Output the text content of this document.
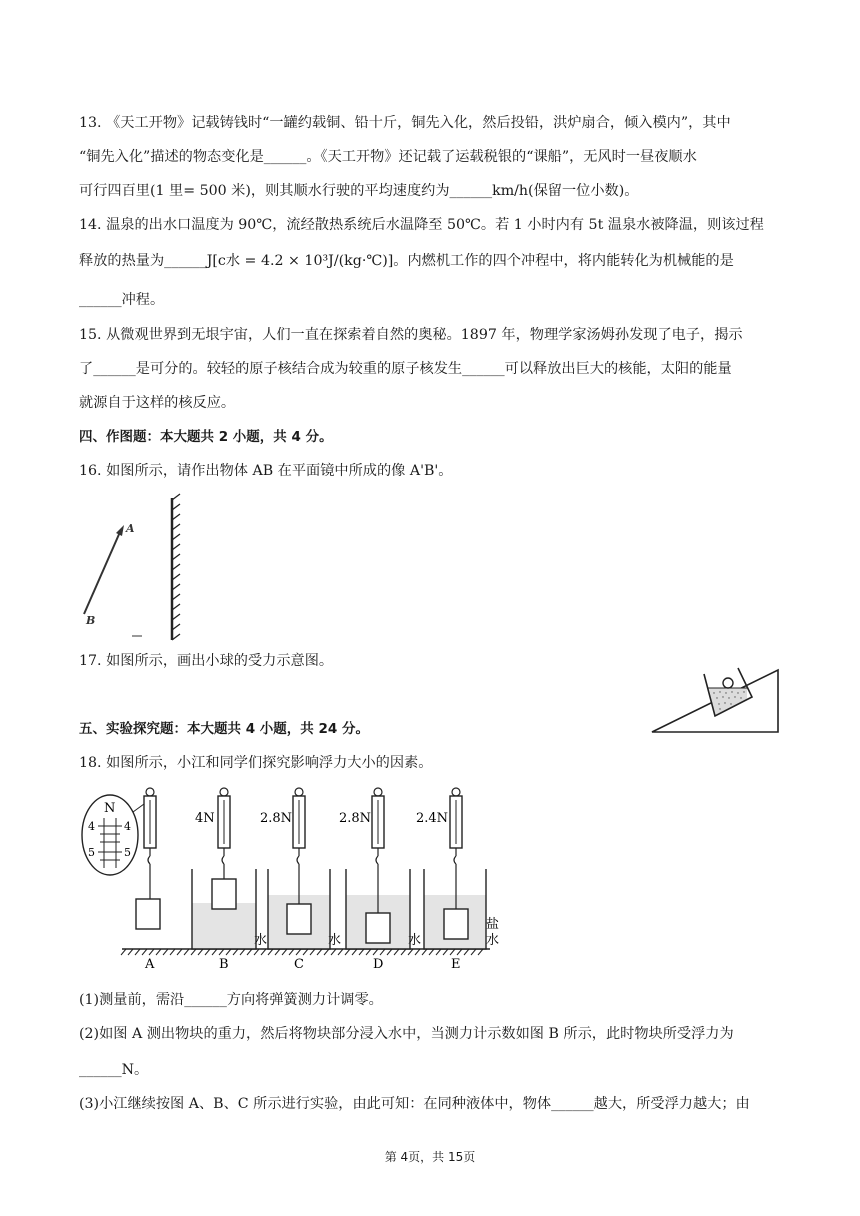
13. 《天工开物》记载铸钱时“一罐约载铜、铅十斤，铜先入化，然后投铅，洪炉扇合，倾入模内”，其中
“铜先入化”描述的物态变化是______。《天工开物》还记载了运载税银的“课船”，无风时一昼夜顺水
可行四百里(1 里= 500 米)，则其顺水行驶的平均速度约为______km/h(保留一位小数)。
14. 温泉的出水口温度为 90℃，流经散热系统后水温降至 50℃。若 1 小时内有 5t 温泉水被降温，则该过程
释放的热量为______J[c水 = 4.2 × 10³J/(kg·℃)]。内燃机工作的四个冲程中，将内能转化为机械能的是
______冲程。
15. 从微观世界到无垠宇宙，人们一直在探索着自然的奥秘。1897 年，物理学家汤姆孙发现了电子，揭示
了______是可分的。较轻的原子核结合成为较重的原子核发生______可以释放出巨大的核能，太阳的能量
就源自于这样的核反应。
四、作图题：本大题共 2 小题，共 4 分。
16. 如图所示，请作出物体 AB 在平面镜中所成的像 A'B'。
A
B
17. 如图所示，画出小球的受力示意图。
五、实验探究题：本大题共 4 小题，共 24 分。
18. 如图所示，小江和同学们探究影响浮力大小的因素。
N
4	4
5	5
4N
水
2.8N
水
2.8N
水
2.4N
盐
水
A	B	C	D	E
(1)测量前，需沿______方向将弹簧测力计调零。
(2)如图 A 测出物块的重力，然后将物块部分浸入水中，当测力计示数如图 B 所示，此时物块所受浮力为
______N。
(3)小江继续按图 A、B、C 所示进行实验，由此可知：在同种液体中，物体______越大，所受浮力越大；由
第 4页，共 15页
